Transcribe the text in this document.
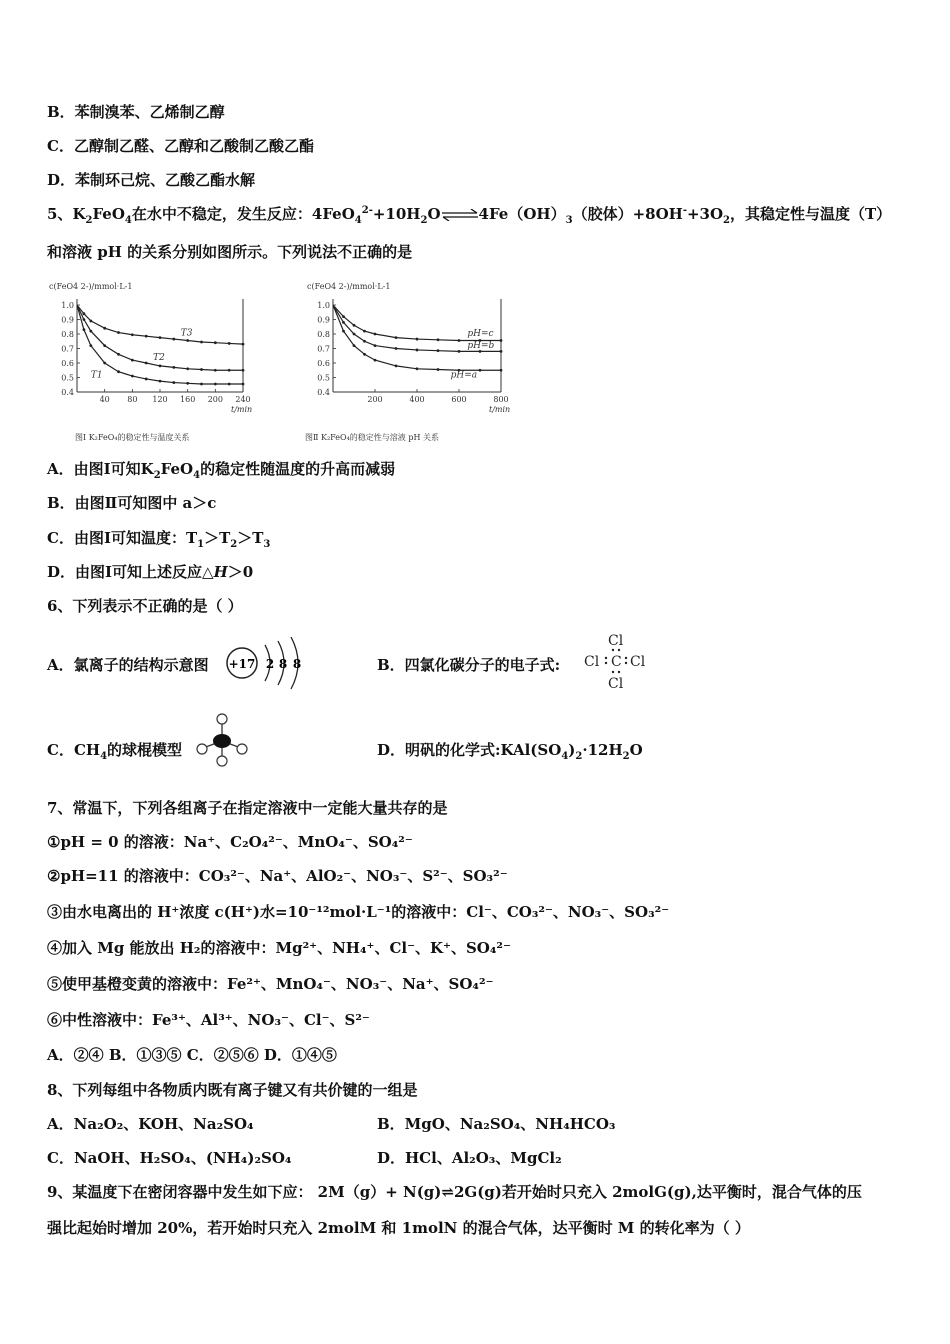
B．苯制溴苯、乙烯制乙醇
C．乙醇制乙醛、乙醇和乙酸制乙酸乙酯
D．苯制环己烷、乙酸乙酯水解
5、$K_2FeO_4$在水中不稳定，发生反应：$4FeO_4^{2-}+10H_2O\rightleftharpoons 4Fe(OH)_3$（胶体）$+8OH^-+3O_2$，其稳定性与温度（T）
和溶液 pH 的关系分别如图所示。下列说法不正确的是
c(FeO4 2-)/mmol·L-1
0.4
0.5
0.6
0.7
0.8
0.9
1.0
40 80 120 160 200 240
t/min
T3
T2
T1
图Ⅰ K₂FeO₄的稳定性与温度关系
c(FeO4 2-)/mmol·L-1
0.4
0.5
0.6
0.7
0.8
0.9
1.0
200	400	600	800
t/min
pH=c
pH=b
pH=a
图Ⅱ K₂FeO₄的稳定性与溶液 pH 关系
A．由图Ⅰ可知$K_2FeO_4$的稳定性随温度的升高而减弱
B．由图Ⅱ可知图中 a＞c
C．由图Ⅰ可知温度：$T_1>T_2>T_3$
D．由图Ⅰ可知上述反应△H＞0
6、下列表示不正确的是（ ）
A．氯离子的结构示意图 +17 2 8 8	B．四氯化碳分子的电子式:
Cl
Cl C Cl
Cl
C．$CH_4$的球棍模型	D．明矾的化学式$:KAl(SO_4)_2\cdot 12H_2O$
7、常温下，下列各组离子在指定溶液中一定能大量共存的是
①pH = 0 的溶液：Na⁺、C₂O₄²⁻、MnO₄⁻、SO₄²⁻
②pH=11 的溶液中：CO₃²⁻、Na⁺、AlO₂⁻、NO₃⁻、S²⁻、SO₃²⁻
③由水电离出的 H⁺浓度 c(H⁺)水=10⁻¹²mol·L⁻¹的溶液中：Cl⁻、CO₃²⁻、NO₃⁻、SO₃²⁻
④加入 Mg 能放出 H₂的溶液中：Mg²⁺、NH₄⁺、Cl⁻、K⁺、SO₄²⁻
⑤使甲基橙变黄的溶液中：Fe²⁺、MnO₄⁻、NO₃⁻、Na⁺、SO₄²⁻
⑥中性溶液中：Fe³⁺、Al³⁺、NO₃⁻、Cl⁻、S²⁻
A．②④ B．①③⑤ C．②⑤⑥ D．①④⑤
8、下列每组中各物质内既有离子键又有共价键的一组是
A．Na₂O₂、KOH、Na₂SO₄	B．MgO、Na₂SO₄、NH₄HCO₃
C．NaOH、H₂SO₄、(NH₄)₂SO₄	D．HCl、Al₂O₃、MgCl₂
9、某温度下在密闭容器中发生如下应： 2M（g）+ N(g)⇌2G(g)若开始时只充入 2molG(g),达平衡时，混合气体的压
强比起始时增加 20%，若开始时只充入 2molM 和 1molN 的混合气体，达平衡时 M 的转化率为（ ）
